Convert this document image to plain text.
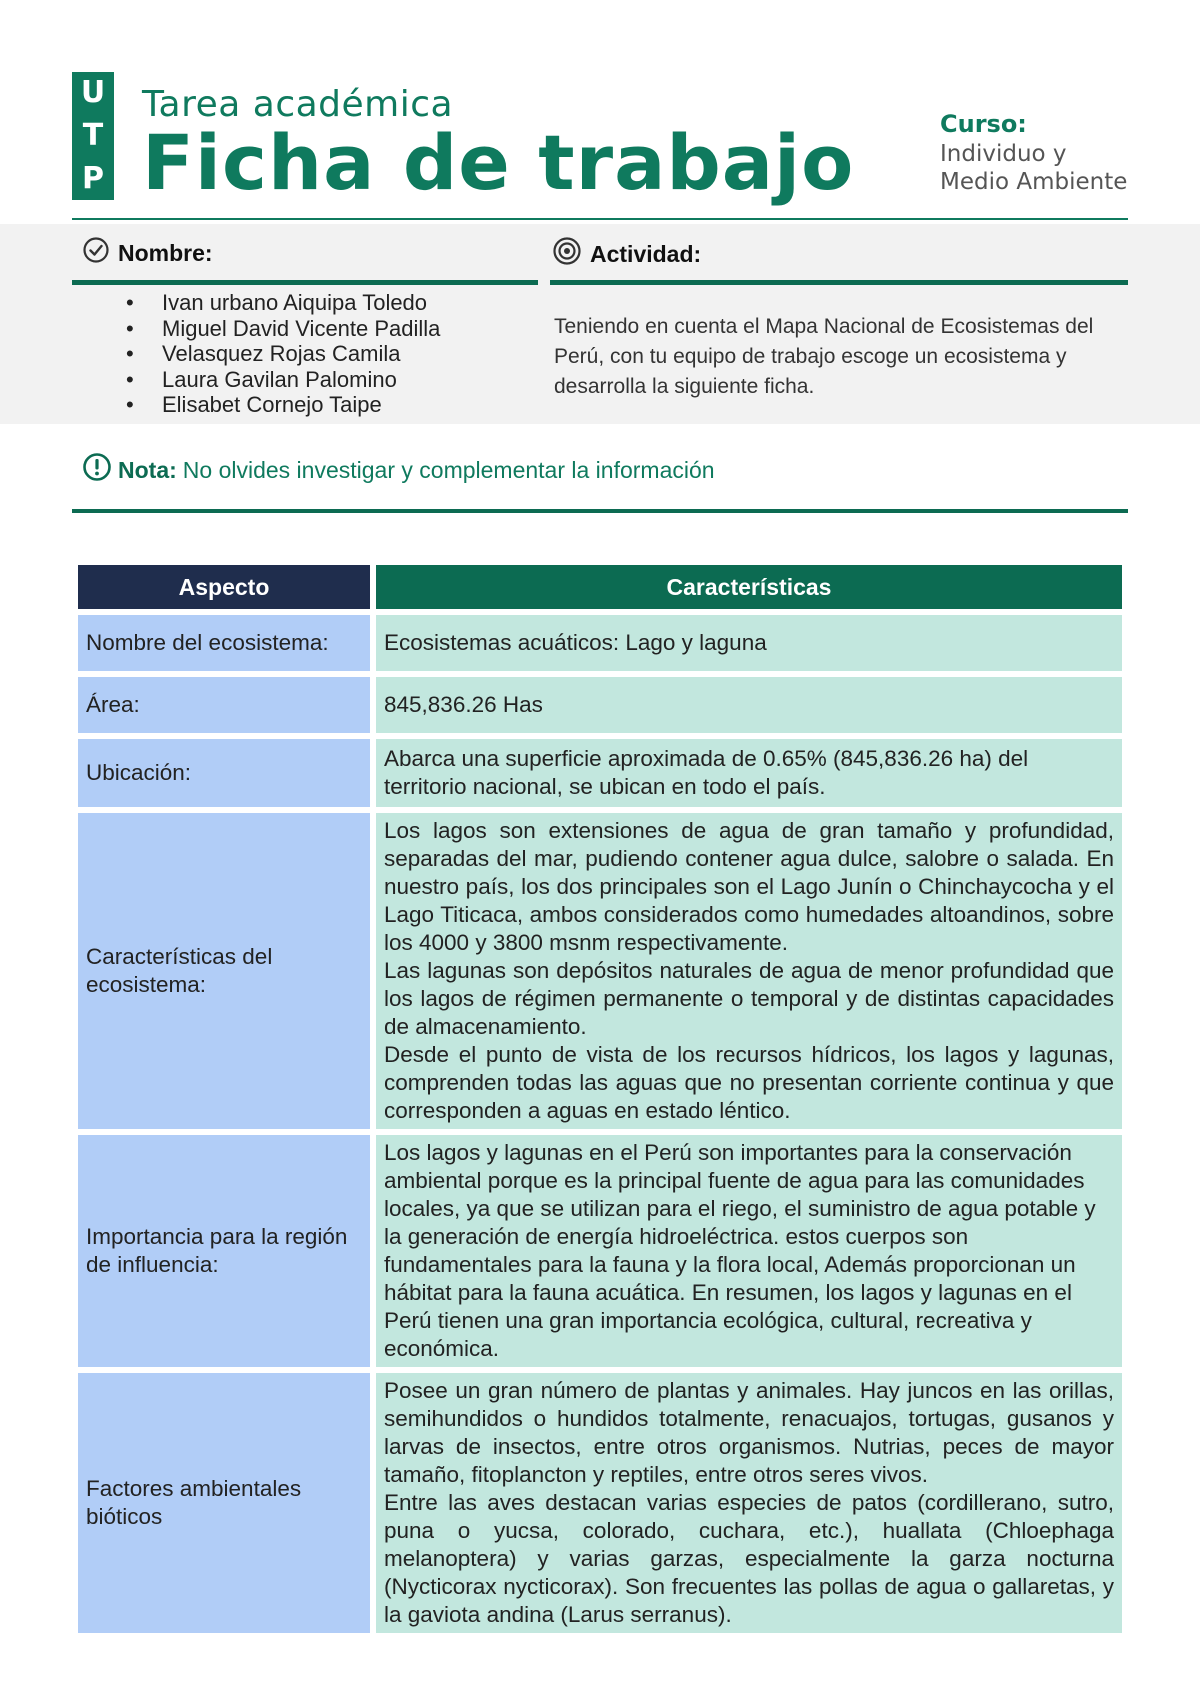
U
T
P
Tarea académica
Ficha de trabajo	Curso:
Individuo y Medio Ambiente
Nombre:	Actividad:
• Ivan urbano Aiquipa Toledo
• Miguel David Vicente Padilla
• Velasquez Rojas Camila
• Laura Gavilan Palomino
• Elisabet Cornejo Taipe
Teniendo en cuenta el Mapa Nacional de Ecosistemas del Perú, con tu equipo de trabajo escoge un ecosistema y desarrolla la siguiente ficha.
Nota: No olvides investigar y complementar la información
Aspecto		Características
Nombre del ecosistema:		Ecosistemas acuáticos: Lago y laguna

Área:		845,836.26 Has

Ubicación:		Abarca una superficie aproximada de 0.65% (845,836.26 ha) del territorio nacional, se ubican en todo el país.

Características del ecosistema:		Los lagos son extensiones de agua de gran tamaño y profundidad, separadas del mar, pudiendo contener agua dulce, salobre o salada. En nuestro país, los dos principales son el Lago Junín o Chinchaycocha y el Lago Titicaca, ambos considerados como humedades altoandinos, sobre los 4000 y 3800 msnm respectivamente.

Las lagunas son depósitos naturales de agua de menor profundidad que los lagos de régimen permanente o temporal y de distintas capacidades de almacenamiento.

Desde el punto de vista de los recursos hídricos, los lagos y lagunas, comprenden todas las aguas que no presentan corriente continua y que corresponden a aguas en estado léntico.

Importancia para la región de influencia:		Los lagos y lagunas en el Perú son importantes para la conservación ambiental porque es la principal fuente de agua para las comunidades locales, ya que se utilizan para el riego, el suministro de agua potable y la generación de energía hidroeléctrica. estos cuerpos son fundamentales para la fauna y la flora local, Además proporcionan un hábitat para la fauna acuática. En resumen, los lagos y lagunas en el Perú tienen una gran importancia ecológica, cultural, recreativa y económica.

Factores ambientales bióticos		Posee un gran número de plantas y animales. Hay juncos en las orillas, semihundidos o hundidos totalmente, renacuajos, tortugas, gusanos y larvas de insectos, entre otros organismos. Nutrias, peces de mayor tamaño, fitoplancton y reptiles, entre otros seres vivos.

Entre las aves destacan varias especies de patos (cordillerano, sutro, puna o yucsa, colorado, cuchara, etc.), huallata (Chloephaga melanoptera) y varias garzas, especialmente la garza nocturna (Nycticorax nycticorax). Son frecuentes las pollas de agua o gallaretas, y la gaviota andina (Larus serranus).
